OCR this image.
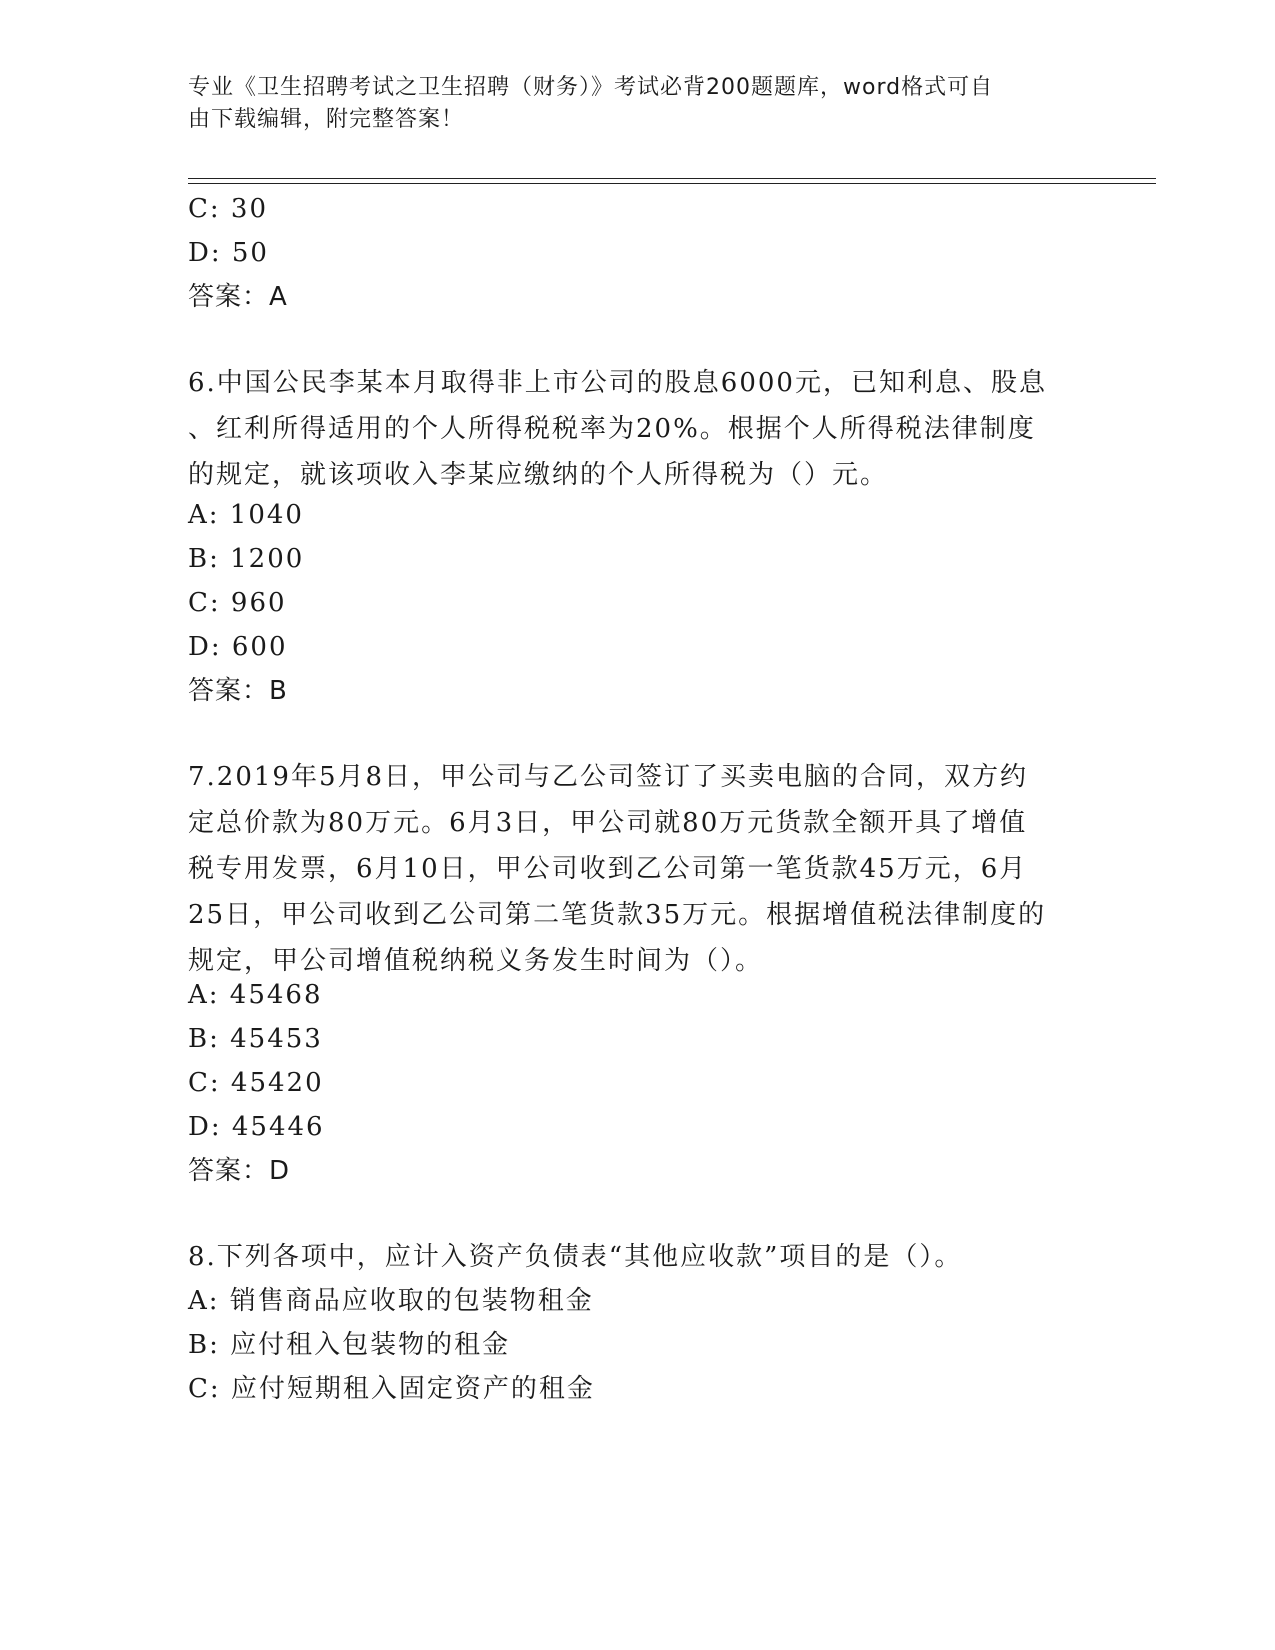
专业《卫生招聘考试之卫生招聘（财务）》考试必背200题题库，word格式可自
由下载编辑，附完整答案！
C: 30
D: 50
答案：A
6.中国公民李某本月取得非上市公司的股息6000元，已知利息、股息
、红利所得适用的个人所得税税率为20%。根据个人所得税法律制度
的规定，就该项收入李某应缴纳的个人所得税为（）元。
A: 1040
B: 1200
C: 960
D: 600
答案：B
7.2019年5月8日，甲公司与乙公司签订了买卖电脑的合同，双方约
定总价款为80万元。6月3日，甲公司就80万元货款全额开具了增值
税专用发票，6月10日，甲公司收到乙公司第一笔货款45万元，6月
25日，甲公司收到乙公司第二笔货款35万元。根据增值税法律制度的
规定，甲公司增值税纳税义务发生时间为（）。
A: 45468
B: 45453
C: 45420
D: 45446
答案：D
8.下列各项中，应计入资产负债表“其他应收款”项目的是（）。
A: 销售商品应收取的包装物租金
B: 应付租入包装物的租金
C: 应付短期租入固定资产的租金
